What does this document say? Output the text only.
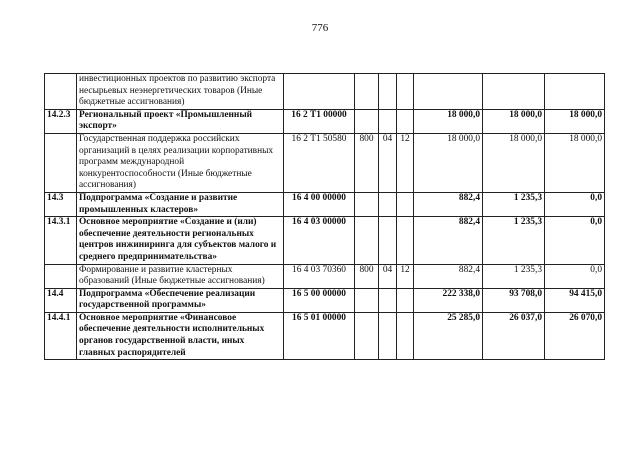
776
	инвестиционных проектов по развитию экспорта несырьевых неэнергетических товаров (Иные бюджетные ассигнования)							
14.2.3	Региональный проект «Промышленный экспорт»	16 2 Т1 00000				18 000,0	18 000,0	18 000,0
	Государственная поддержка российских организаций в целях реализации корпоративных программ международной конкурентоспособности (Иные бюджетные ассигнования)	16 2 Т1 50580	800	04	12	18 000,0	18 000,0	18 000,0
14.3	Подпрограмма «Создание и развитие промышленных кластеров»	16 4 00 00000				882,4	1 235,3	0,0
14.3.1	Основное мероприятие «Создание и (или) обеспечение деятельности региональных центров инжиниринга для субъектов малого и среднего предпринимательства»	16 4 03 00000				882,4	1 235,3	0,0
	Формирование и развитие кластерных образований (Иные бюджетные ассигнования)	16 4 03 70360	800	04	12	882,4	1 235,3	0,0
14.4	Подпрограмма «Обеспечение реализации государственной программы»	16 5 00 00000				222 338,0	93 708,0	94 415,0
14.4.1	Основное мероприятие «Финансовое обеспечение деятельности исполнительных органов государственной власти, иных главных распорядителей	16 5 01 00000				25 285,0	26 037,0	26 070,0
